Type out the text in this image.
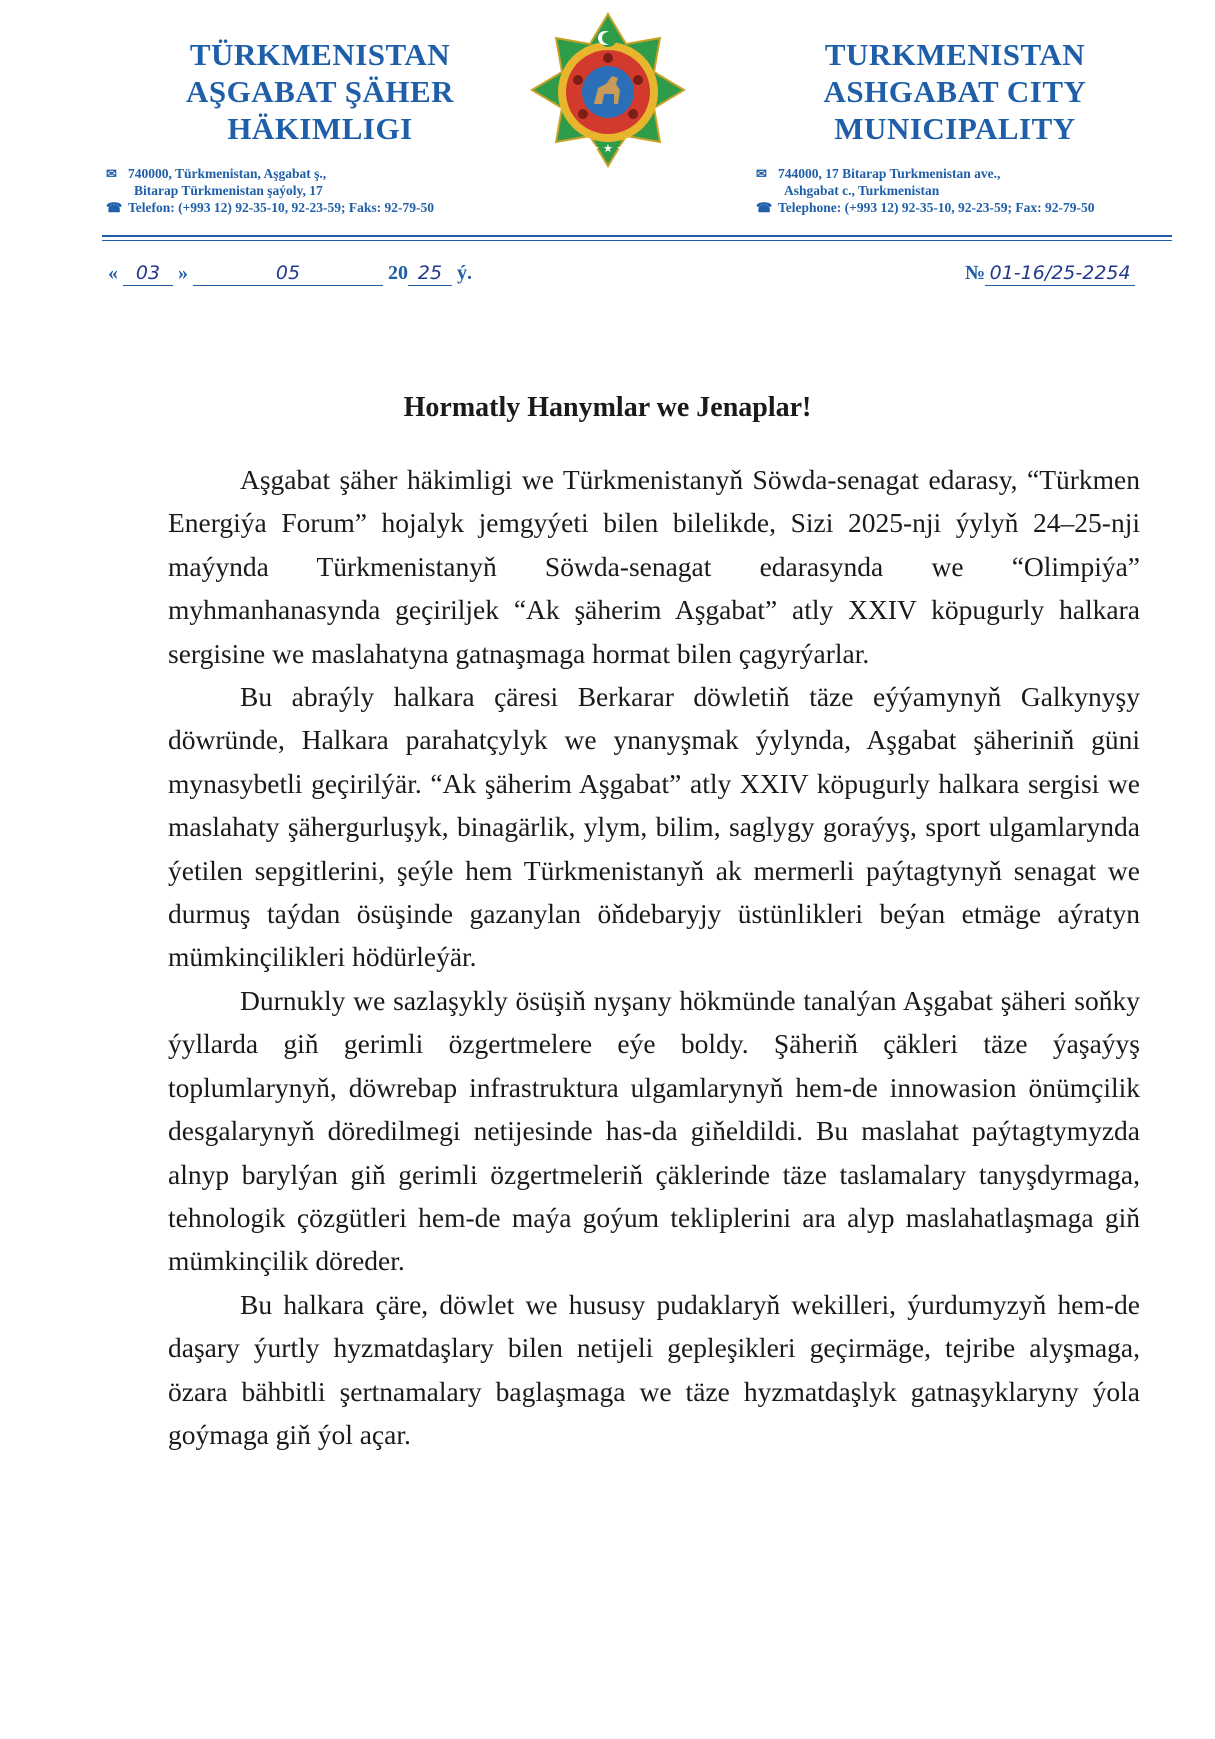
TÜRKMENISTAN
AŞGABAT ŞÄHER
HÄKIMLIGI
★ ★ ★ ★ ★
TURKMENISTAN
ASHGABAT CITY
MUNICIPALITY
✉ 740000, Türkmenistan, Aşgabat ş.,
Bitarap Türkmenistan şaýoly, 17
☎ Telefon: (+993 12) 92-35-10, 92-23-59; Faks: 92-79-50
✉ 744000, 17 Bitarap Turkmenistan ave.,
Ashgabat c., Turkmenistan
☎ Telephone: (+993 12) 92-35-10, 92-23-59; Fax: 92-79-50
« 03 »	05	20 25 ý.	№ 01-16/25-2254
Hormatly Hanymlar we Jenaplar!

Aşgabat şäher häkimligi we Türkmenistanyň Söwda-senagat edarasy, “Türkmen Energiýa Forum” hojalyk jemgyýeti bilen bilelikde, Sizi 2025-nji ýylyň 24–25-nji maýynda Türkmenistanyň Söwda-senagat edarasynda we “Olimpiýa” myhmanhanasynda geçiriljek “Ak şäherim Aşgabat” atly XXIV köpugurly halkara sergisine we maslahatyna gatnaşmaga hormat bilen çagyrýarlar.

Bu abraýly halkara çäresi Berkarar döwletiň täze eýýamynyň Galkynyşy döwründe, Halkara parahatçylyk we ynanyşmak ýylynda, Aşgabat şäheriniň güni mynasybetli geçirilýär. “Ak şäherim Aşgabat” atly XXIV köpugurly halkara sergisi we maslahaty şähergurluşyk, binagärlik, ylym, bilim, saglygy goraýyş, sport ulgamlarynda ýetilen sepgitlerini, şeýle hem Türkmenistanyň ak mermerli paýtagtynyň senagat we durmuş taýdan ösüşinde gazanylan öňdebaryjy üstünlikleri beýan etmäge aýratyn mümkinçilikleri hödürleýär.

Durnukly we sazlaşykly ösüşiň nyşany hökmünde tanalýan Aşgabat şäheri soňky ýyllarda giň gerimli özgertmelere eýe boldy. Şäheriň çäkleri täze ýaşaýyş toplumlarynyň, döwrebap infrastruktura ulgamlarynyň hem-de innowasion önümçilik desgalarynyň döredilmegi netijesinde has-da giňeldildi. Bu maslahat paýtagtymyzda alnyp barylýan giň gerimli özgertmeleriň çäklerinde täze taslamalary tanyşdyrmaga, tehnologik çözgütleri hem-de maýa goýum tekliplerini ara alyp maslahatlaşmaga giň mümkinçilik döreder.

Bu halkara çäre, döwlet we hususy pudaklaryň wekilleri, ýurdumyzyň hem-de daşary ýurtly hyzmatdaşlary bilen netijeli gepleşikleri geçirmäge, tejribe alyşmaga, özara bähbitli şertnamalary baglaşmaga we täze hyzmatdaşlyk gatnaşyklaryny ýola goýmaga giň ýol açar.
